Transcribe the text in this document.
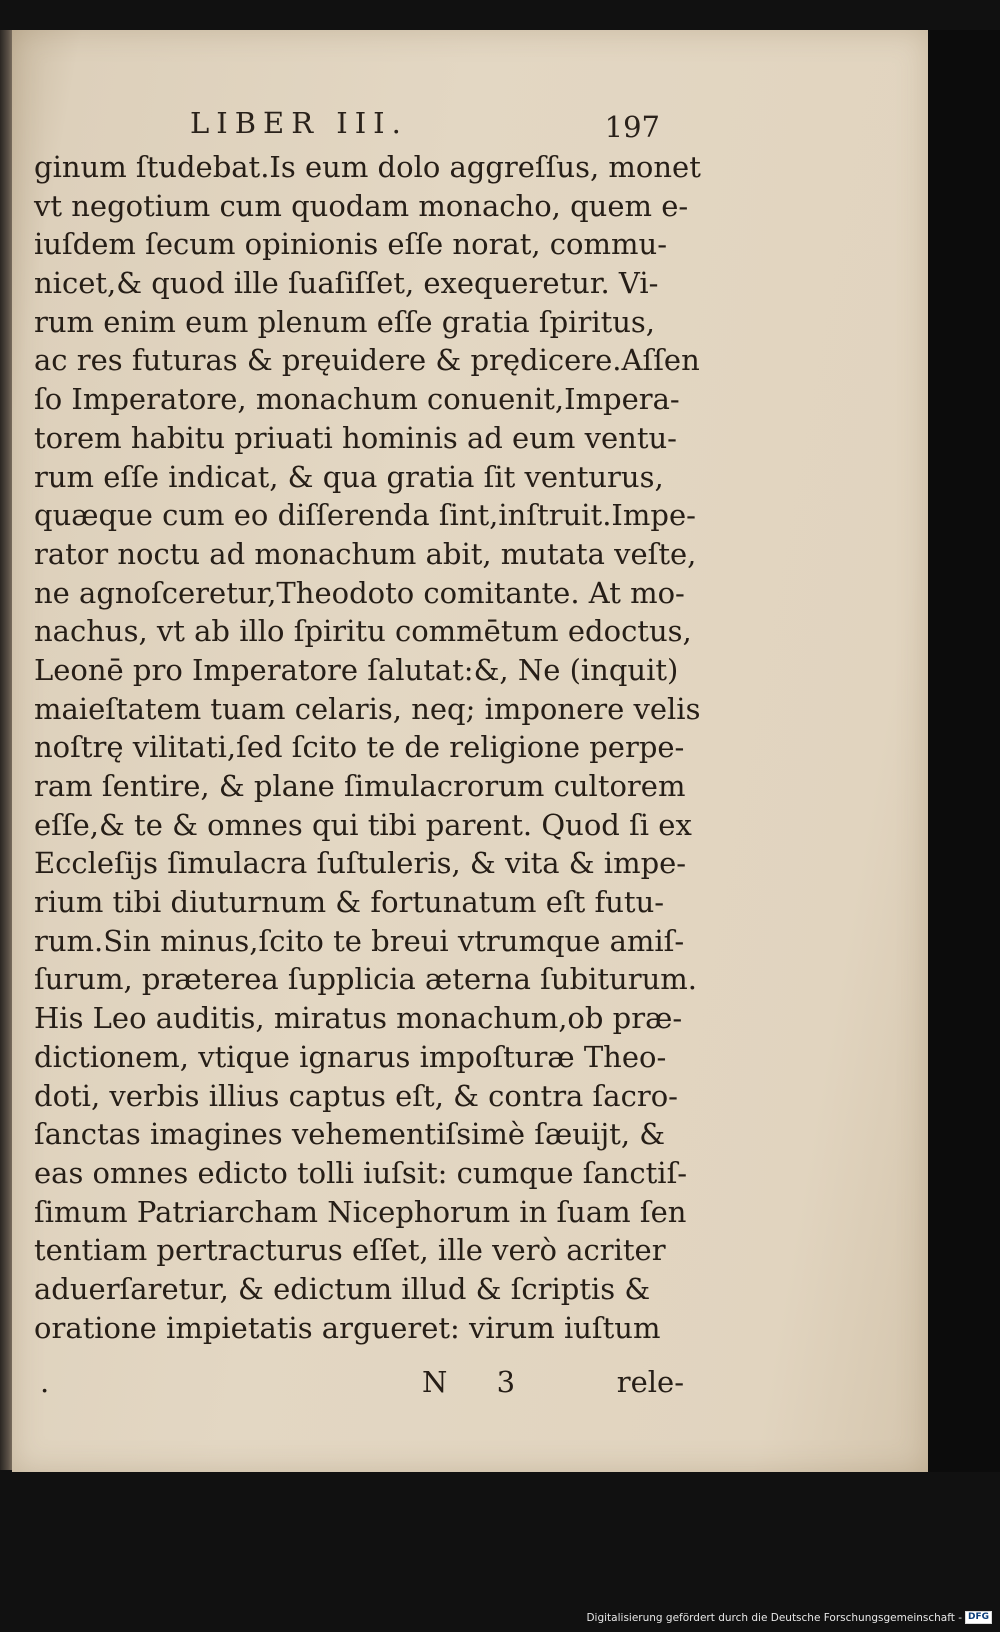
LIBER III.	197
ginum ſtudebat.Is eum dolo aggreſſus, monet
vt negotium cum quodam monacho, quem e-
iuſdem ſecum opinionis eſſe norat, commu-
nicet,& quod ille ſuaſiſſet, exequeretur. Vi-
rum enim eum plenum eſſe gratia ſpiritus,
ac res futuras & pręuidere & prędicere.Aſſen
ſo Imperatore, monachum conuenit,Impera-
torem habitu priuati hominis ad eum ventu-
rum eſſe indicat, & qua gratia ſit venturus,
quæque cum eo diſſerenda ſint,inſtruit.Impe-
rator noctu ad monachum abit, mutata veſte,
ne agnoſceretur,Theodoto comitante. At mo-
nachus, vt ab illo ſpiritu commētum edoctus,
Leonē pro Imperatore ſalutat:&, Ne (inquit)
maieſtatem tuam celaris, neq; imponere velis
noſtrę vilitati,ſed ſcito te de religione perpe-
ram ſentire, & plane ſimulacrorum cultorem
eſſe,& te & omnes qui tibi parent. Quod ſi ex
Eccleſijs ſimulacra ſuſtuleris, & vita & impe-
rium tibi diuturnum & fortunatum eſt futu-
rum.Sin minus,ſcito te breui vtrumque amiſ-
ſurum, præterea ſupplicia æterna ſubiturum.
His Leo auditis, miratus monachum,ob præ-
dictionem, vtique ignarus impoſturæ Theo-
doti, verbis illius captus eſt, & contra ſacro-
ſanctas imagines vehementiſsimè ſæuijt, &
eas omnes edicto tolli iuſsit: cumque ſanctiſ-
ſimum Patriarcham Nicephorum in ſuam ſen
tentiam pertracturus eſſet, ille verò acriter
aduerſaretur, & edictum illud & ſcriptis &
oratione impietatis argueret: virum iuſtum
.	N 3	rele-
Digitalisierung gefördert durch die Deutsche Forschungsgemeinschaft - DFG
